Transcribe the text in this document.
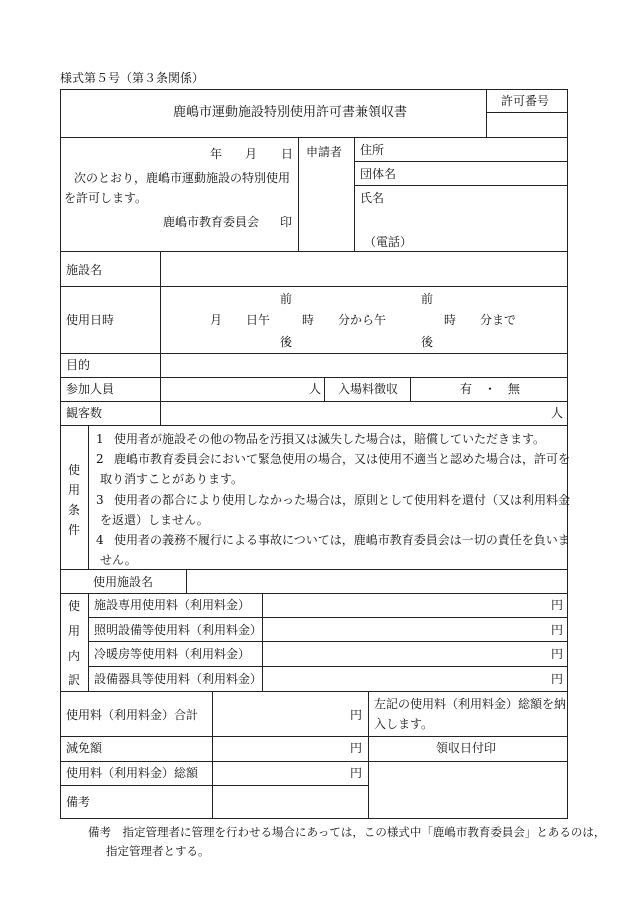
様式第５号（第３条関係）
鹿嶋市運動施設特別使用許可書兼領収書
許可番号
年 月 日
次のとおり，鹿嶋市運動施設の特別使用
を許可します。
鹿嶋市教育委員会 印
申請者 住所
団体名
氏名
（電話）
施設名
使用日時
前	前
月 日午	時 分から午	時 分まで
後	後
目的
参加人員	人 入場料徴収	有　・　無
観客数	人
使
用
条
件
1 使用者が施設その他の物品を汚損又は滅失した場合は，賠償していただきます。
2 鹿嶋市教育委員会において緊急使用の場合，又は使用不適当と認めた場合は，許可を
取り消すことがあります。
3 使用者の都合により使用しなかった場合は，原則として使用料を還付（又は利用料金
を返還）しません。
4 使用者の義務不履行による事故については，鹿嶋市教育委員会は一切の責任を負いま
せん。
使用施設名
使
用
内
訳
施設専用使用料（利用料金）	円
照明設備等使用料（利用料金）	円
冷暖房等使用料（利用料金）	円
設備器具等使用料（利用料金）	円
使用料（利用料金）合計	円
左記の使用料（利用料金）総額を納
入します。
減免額	円	領収日付印
使用料（利用料金）総額	円
備考
備考　指定管理者に管理を行わせる場合にあっては，この様式中「鹿嶋市教育委員会」とあるのは，
指定管理者とする。
